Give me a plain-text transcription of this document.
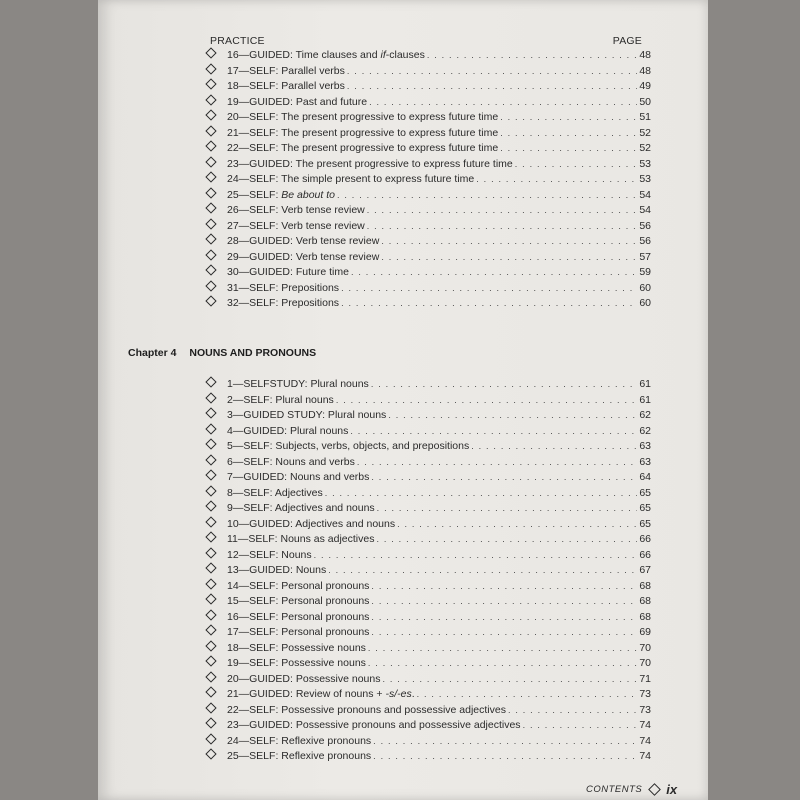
PRACTICE	PAGE
16—GUIDED: Time clauses and if-clauses . . .	48
17—SELF: Parallel verbs . . .	48
18—SELF: Parallel verbs . . .	49
19—GUIDED: Past and future . . .	50
20—SELF: The present progressive to express future time . . .	51
21—SELF: The present progressive to express future time . . .	52
22—SELF: The present progressive to express future time . . .	52
23—GUIDED: The present progressive to express future time . . .	53
24—SELF: The simple present to express future time . . .	53
25—SELF: Be about to . . .	54
26—SELF: Verb tense review . . .	54
27—SELF: Verb tense review . . .	56
28—GUIDED: Verb tense review . . .	56
29—GUIDED: Verb tense review . . .	57
30—GUIDED: Future time . . .	59
31—SELF: Prepositions . . .	60
32—SELF: Prepositions . . .	60
Chapter 4 NOUNS AND PRONOUNS
1—SELFSTUDY: Plural nouns . . .	61
2—SELF: Plural nouns . . .	61
3—GUIDED STUDY: Plural nouns . . .	62
4—GUIDED: Plural nouns . . .	62
5—SELF: Subjects, verbs, objects, and prepositions . . .	63
6—SELF: Nouns and verbs . . .	63
7—GUIDED: Nouns and verbs . . .	64
8—SELF: Adjectives . . .	65
9—SELF: Adjectives and nouns . . .	65
10—GUIDED: Adjectives and nouns . . .	65
11—SELF: Nouns as adjectives . . .	66
12—SELF: Nouns . . .	66
13—GUIDED: Nouns . . .	67
14—SELF: Personal pronouns . . .	68
15—SELF: Personal pronouns . . .	68
16—SELF: Personal pronouns . . .	68
17—SELF: Personal pronouns . . .	69
18—SELF: Possessive nouns . . .	70
19—SELF: Possessive nouns . . .	70
20—GUIDED: Possessive nouns . . .	71
21—GUIDED: Review of nouns + -s/-es. . . .	73
22—SELF: Possessive pronouns and possessive adjectives . . .	73
23—GUIDED: Possessive pronouns and possessive adjectives . . .	74
24—SELF: Reflexive pronouns . . .	74
25—SELF: Reflexive pronouns . . .	74
CONTENTS ix
